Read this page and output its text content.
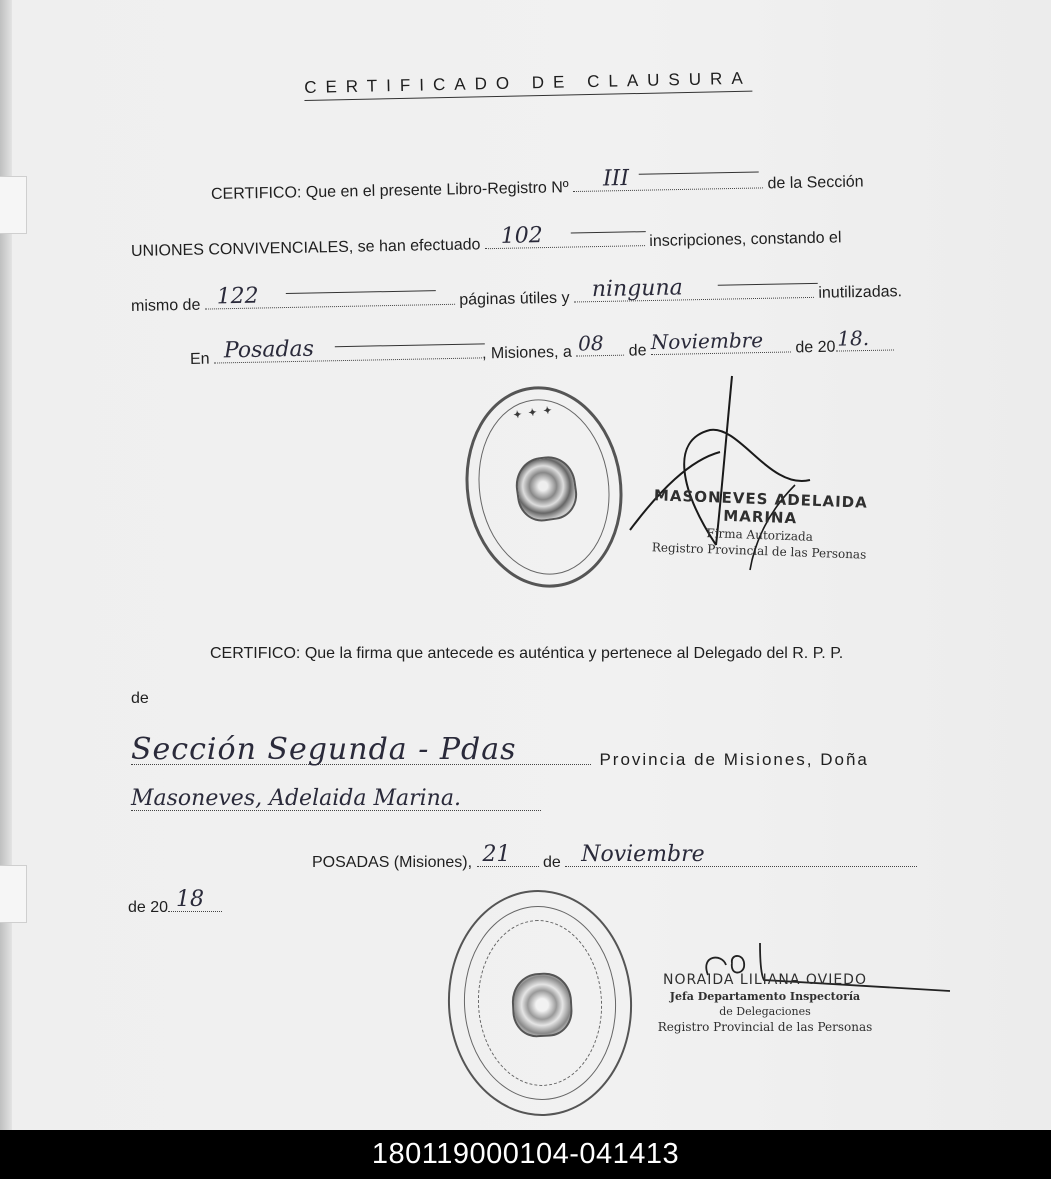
CERTIFICADO DE CLAUSURA
CERTIFICO: Que en el presente Libro-Registro Nº III	de la Sección
UNIONES CONVIVENCIALES, se han efectuado 102	inscripciones, constando el
mismo de 122	páginas útiles y ninguna	inutilizadas.
En Posadas	, Misiones, a 08 de Noviembre de 20 18.
✦ ✦ ✦
MASONEVES ADELAIDA MARINA
Firma Autorizada
Registro Provincial de las Personas
CERTIFICO: Que la firma que antecede es auténtica y pertenece al Delegado del R. P. P.
de
Sección Segunda - Pdas	Provincia de Misiones, Doña
Masoneves, Adelaida Marina.
POSADAS (Misiones), 21 de Noviembre
de 20 18
NORAIDA LILIANA OVIEDO
Jefa Departamento Inspectoría
de Delegaciones
Registro Provincial de las Personas
180119000104-041413
